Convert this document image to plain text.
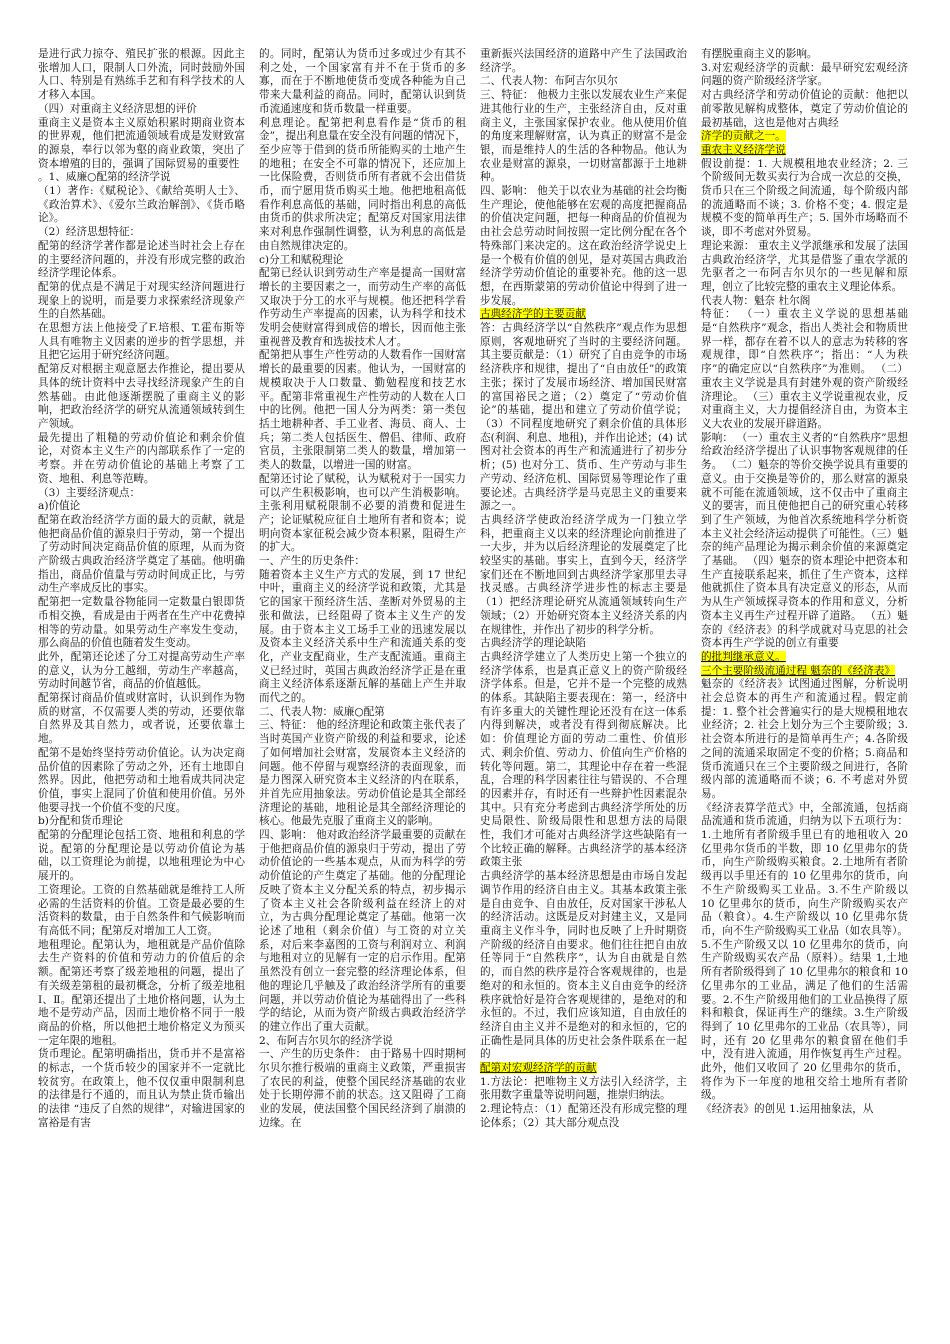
是进行武力掠夺、殖民扩张的根源。因此主张增加人口，限制人口外流，同时鼓励外国人口、特别是有熟练手艺和有科学技术的人才移入本国。

（四）对重商主义经济思想的评价

重商主义是资本主义原始积累时期商业资本的世界观，他们把流通领域看成是发财致富的源泉，奉行以邻为壑的商业政策，突出了资本增殖的目的，强调了国际贸易的重要性

。1、威廉○配第的经济学说

（1）著作:《赋税论》、《献给英明人士》、《政治算术》、《爱尔兰政治解剖》、《货币略论》。

（2）经济思想特征：

配第的经济学著作都是论述当时社会上存在的主要经济问题的，并没有形成完整的政治经济学理论体系。

配第的优点是不满足于对现实经济问题进行现象上的说明，而是要力求探索经济现象产生的自然基础。

在思想方法上他接受了F.培根、T.霍布斯等人具有唯物主义因素的逆步的哲学思想，并且把它运用于研究经济问题。

配第反对根据主观意愿去作推论，提出要从具体的统计资料中去寻找经济现象产生的自然基础。由此他逐渐摆脱了重商主义的影响，把政治经济学的研究从流通领域转到生产领域。

最先提出了粗糙的劳动价值论和剩余价值论，对资本主义生产的内部联系作了一定的考察。并在劳动价值论的基础上考察了工资、地租、利息等范畴。

（3）主要经济观点：

a)价值论

配第在政治经济学方面的最大的贡献，就是他把商品价值的源泉归于劳动，第一个提出了劳动时间决定商品价值的原理，从而为资产阶级古典政治经济学奠定了基础。他明确指出，商品价值量与劳动时间成正比，与劳动生产率成反比的事实。

配第把一定数量谷物能同一定数量白银即货币相交换，看成是由于两者在生产中花费掉相等的劳动量。如果劳动生产率发生变动，那么商品的价值也随着发生变动。

此外，配第还论述了分工对提高劳动生产率的意义，认为分工越细，劳动生产率越高，劳动时间越节省，商品的价值越低。

配第探讨商品价值或财富时，认识到作为物质的财富，不仅需要人类的劳动，还要依靠自然界及其自然力，或者说，还要依靠土地。

配第不是始终坚持劳动价值论。认为决定商品价值的因素除了劳动之外，还有土地即自然界。因此，他把劳动和土地看成共同决定价值，事实上混同了价值和使用价值。另外他要寻找一个价值不变的尺度。

b)分配和货币理论

配第的分配理论包括工资、地租和利息的学说。配第的分配理论是以劳动价值论为基础，以工资理论为前提，以地租理论为中心展开的。

工资理论。工资的自然基础就是维持工人所必需的生活资料的价值。工资是最必要的生活资料的数量，由于自然条件和气候影响而有高低不同；配第反对增加工人工资。

地租理论。配第认为，地租就是产品价值除去生产资料的价值和劳动力的价值后的余额。配第还考察了级差地租的问题，提出了有关级差第租的最初概念，分析了级差地租Ⅰ、Ⅱ。配第还提出了土地价格问题，认为土地不是劳动产品，因而土地价格不同于一般商品的价格，所以他把土地价格定义为预买一定年限的地租。

货币理论。配第明确指出，货币并不是富裕的标志，一个货币较少的国家并不一定就比较贫穷。在政策上，他不仅仅重申限制利息的法律是行不通的，而且认为禁止货币输出的法律 “违反了自然的规律”，对输进国家的富裕是有害

的。同时，配第认为货币过多或过少有其不利之处，一个国家富有并不在于货币的多寡，而在于不断地使货币变成各种能为自己带来大量利益的商品。同时，配第认识到货币流通速度和货币数量一样重要。

利息理论。配第把利息看作是“货币的租金”，提出利息量在安全没有问题的情况下，至少应等于借到的货币所能购买的土地产生的地租；在安全不可靠的情况下，还应加上一比保险费，否则货币所有者就不会出借货币，而宁愿用货币购买土地。他把地租高低看作利息高低的基础，同时指出利息的高低由货币的供求所决定；配第反对国家用法律来对利息作强制性调整，认为利息的高低是由自然规律决定的。

c)分工和赋税理论

配第已经认识到劳动生产率是提高一国财富增长的主要因素之一，而劳动生产率的高低又取决于分工的水平与规模。他还把科学看作劳动生产率提高的因素，认为科学和技术发明会使财富得到成倍的增长，因而他主张重视普及教育和选拔技术人才。

配第把从事生产性劳动的人数看作一国财富增长的最重要的因素。他认为，一国财富的规模取决于人口数量、勤勉程度和技艺水平。配第非常重视生产性劳动的人数在人口中的比例。他把一国人分为两类：第一类包括土地耕种者、手工业者、海员、商人、士兵；第二类人包括医生、僧侣、律师、政府官员，主张限制第二类人的数量，增加第一类人的数量，以增进一国的财富。

配第还讨论了赋税，认为赋税对于一国实力可以产生积极影响，也可以产生消极影响。主张利用赋税限制不必要的消费和促进生产；论证赋税应征自土地所有者和资本；说明向资本家征税会减少资本积累，阻碍生产的扩大。

一、产生的历史条件：

随着资本主义生产方式的发展，到 17 世纪中叶，重商主义的经济学说和政策，尤其是它的国家干预经济生活、垄断对外贸易的主张和做法，已经阻碍了资本主义生产的发展。由于资本主义工场手工业的迅速发展以及资本主义经济关系中生产和流通关系的变化，产业支配商业，生产支配流通。重商主义已经过时，英国古典政治经济学正是在重商主义经济体系逐渐瓦解的基础上产生并取而代之的。

二、代表人物：威廉○配第

三、特征： 他的经济理论和政策主张代表了当时英国产业资产阶级的利益和要求，论述了如何增加社会财富，发展资本主义经济的问题。他不停留与观察经济的表面现象，而是力图深入研究资本主义经济的内在联系，并首先应用抽象法。劳动价值论是其全部经济理论的基础，地租论是其全部经济理论的核心。他最先克服了重商主义的影响。

四、影响： 他对政治经济学最重要的贡献在于他把商品价值的源泉归于劳动，提出了劳动价值论的一些基本观点，从而为科学的劳动价值论的产生奠定了基础。他的分配理论反映了资本主义分配关系的特点，初步揭示了资本主义社会各阶级利益在经济上的对立，为古典分配理论奠定了基础。他第一次论述了地租（剩余价值）与工资的对立关系，对后来李嘉图的工资与利润对立、利润与地租对立的见解有一定的启示作用。配第虽然没有创立一套完整的经济理论体系，但他的理论几乎触及了政治经济学所有的重要问题，并以劳动价值论为基础得出了一些科学的结论，从而为资产阶级古典政治经济学的建立作出了重大贡献。

2、布阿吉尔贝尔的经济学说

一、产生的历史条件： 由于路易十四时期柯尔贝尔推行极端的重商主义政策，严重损害了农民的利益，使整个国民经济基础的农业处于长期停滞不前的状态。这又阻碍了工商业的发展，使法国整个国民经济到了崩溃的边缘。在

重新振兴法国经济的道路中产生了法国政治经济学。

二、代表人物：布阿吉尔贝尔

三、特征： 他极力主张以发展农业生产来促进其他行业的生产，主张经济自由，反对重商主义，主张国家保护农业。他从使用价值的角度来理解财富，认为真正的财富不是金银，而是维持人的生活的各种物品。他认为农业是财富的源泉，一切财富都源于土地耕种。

四、影响： 他关于以农业为基础的社会均衡生产理论，使他能够在宏观的高度把握商品的价值决定问题，把每一种商品的价值视为由社会总劳动时间按照一定比例分配在各个特殊部门来决定的。这在政治经济学说史上是一个极有价值的创见，是对英国古典政治经济学劳动价值论的重要补充。他的这一思想，在西斯蒙第的劳动价值论中得到了进一步发展。

古典经济学的主要贡献

答：古典经济学以“自然秩序”观点作为思想原则，客观地研究了当时的主要经济问题。其主要贡献是：（1）研究了自由竞争的市场经济秩序和规律，提出了“自由放任”的政策主张；探讨了发展市场经济、增加国民财富的富国裕民之道；（2）奠定了“劳动价值论”的基础，提出和建立了劳动价值学说；（3）不同程度地研究了剩余价值的具体形态(利润、利息、地租)，并作出论述；(4) 试图对社会资本的再生产和流通进行了初步分析；(5) 也对分工、货币、生产劳动与非生产劳动、经济危机、国际贸易等理论作了重要论述。古典经济学是马克思主义的重要来源之一。

古典经济学使政治经济学成为一门独立学科，把重商主义以来的经济理论向前推进了一大步，并为以后经济理论的发展奠定了比较坚实的基础。事实上，直到今天，经济学家们还在不断地回到古典经济学家那里去寻找灵感。古典经济学进步性的标志主要是（1）把经济理论研究从流通领域转向生产领域；（2）开始研究资本主义经济关系的内在规律性，并作出了初步的科学分析。

古典经济学的理论缺陷

古典经济学建立了人类历史上第一个独立的经济学体系，也是真正意义上的资产阶级经济学体系。但是，它并不是一个完整的成熟的体系。其缺陷主要表现在：第一，经济中有许多重大的关键性理论还没有在这一体系内得到解决，或者没有得到彻底解决。比如：价值理论方面的劳动二重性、价值形式、剩余价值、劳动力、价值向生产价格的转化等问题。第二，其理论中存在着一些混乱，合理的科学因素往往与错误的、不合理的因素并存，有时还有一些辩护性因素混杂其中。只有充分考虑到古典经济学所处的历史局限性、阶级局限性和思想方法的局限性，我们才可能对古典经济学这些缺陷有一个比较正确的解释。古典经济学的基本经济政策主张

古典经济学的基本经济思想是由市场自发起调节作用的经济自由主义。其基本政策主张是自由竞争、自由放任，反对国家干涉私人的经济活动。这既是反对封建主义，又是同重商主义作斗争，同时也反映了上升时期资产阶级的经济自由要求。他们往往把自由放任等同于“自然秩序”，认为自由就是自然的，而自然的秩序是符合客观规律的，也是绝对的和永恒的。资本主义自由竞争的经济秩序就恰好是符合客观规律的，是绝对的和永恒的。不过，我们应该知道，自由放任的经济自由主义并不是绝对的和永恒的，它的正确性是同具体的历史社会条件联系在一起的

配第对宏观经济学的贡献

1.方法论：把唯物主义方法引入经济学，主张用数字重量等说明问题，推崇归纳法。

2.理论特点：（1）配第还没有形成完整的理论体系；（2）其大部分观点没

有摆脱重商主义的影响。

3.对宏观经济学的贡献：最早研究宏观经济问题的资产阶级经济学家。

对古典经济学和劳动价值论的贡献：他把以前零散见解构成整体，奠定了劳动价值论的最初基础，这也是他对古典经

济学的贡献之一。

重农主义经济学说

假设前提：1. 大规模租地农业经济；2. 三个阶级间无数买卖行为合成一次总的交换，货币只在三个阶级之间流通，每个阶级内部的流通略而不谈；3. 价格不变；4. 假定是规模不变的简单再生产；5. 国外市场略而不谈，即不考虑对外贸易。

理论来源： 重农主义学派继承和发展了法国古典政治经济学，尤其是借鉴了重农学派的先驱者之一布阿吉尔贝尔的一些见解和原理，创立了比较完整的重农主义理论体系。

代表人物：魁奈 杜尔阁

特征： （一）重农主义学说的思想基础是“自然秩序”观念，指出人类社会和物质世界一样，都存在着不以人的意志为转移的客观规律，即“自然秩序”；指出：“人为秩序”的确定应以“自然秩序”为准则。 （二）重农主义学说是具有封建外观的资产阶级经济理论。 （三）重农主义学说重视农业，反对重商主义，大力提倡经济自由，为资本主义大农业的发展开辟道路。

影响： （一）重农主义者的“自然秩序”思想给政治经济学提出了认识事物客观规律的任务。 （二）魁奈的等价交换学说具有重要的意义。由于交换是等价的，那么财富的源泉就不可能在流通领域，这不仅击中了重商主义的要害，而且使他把自己的研究重心转移到了生产领域，为他首次系统地科学分析资本主义社会经济运动提供了可能性。（三）魁奈的纯产品理论为揭示剩余价值的来源奠定了基础。 （四）魁奈的资本理论中把资本和生产直接联系起来，抓住了生产资本，这样他就抓住了资本具有决定意义的形态，从而为从生产领域探寻资本的作用和意义，分析资本主义再生产过程开辟了道路。 （五）魁奈的《经济表》的科学成就对马克思的社会资本再生产学说的创立有重要

的批判继承意义。

三个主要阶级流通过程 魁奈的《经济表》

魁奈的《经济表》试图通过图解，分析说明社会总资本的再生产和流通过程。假定前提：1. 整个社会普遍实行的是大规模租地农业经济；2. 社会上划分为三个主要阶级；3.社会资本所进行的是简单再生产；4.各阶级之间的流通采取固定不变的价格；5.商品和货币流通只在三个主要阶级之间进行，各阶级内部的流通略而不谈；6. 不考虑对外贸易。

《经济表算学范式》中，全部流通，包括商品流通和货币流通，归纳为以下五项行为：1.土地所有者阶级手里已有的地租收入 20 亿里弗尔货币的半数，即 10 亿里弗尔的货币，向生产阶级购买粮食。2.土地所有者阶级再以手里还有的 10 亿里弗尔的货币，向不生产阶级购买工业品。3.不生产阶级以 10 亿里弗尔的货币，向生产阶级购买农产品（粮食）。4.生产阶级以 10 亿里弗尔货币，向不生产阶级购买工业品（如农具等）。5.不生产阶级又以 10 亿里弗尔的货币，向生产阶级购买农产品（原料）。结果 1,土地所有者阶级得到了 10 亿里弗尔的粮食和 10 亿里弗尔的工业品，满足了他们的生活需要。2.不生产阶级用他们的工业品换得了原料和粮食，保证再生产的继续。3.生产阶级得到了 10 亿里弗尔的工业品（农具等），同时，还有 20 亿里弗尔的粮食留在他们手中，没有进入流通，用作恢复再生产过程。此外，他们又收回了 20 亿里弗尔的货币，将作为下一年度的地租交给土地所有者阶级。

《经济表》的创见 1.运用抽象法，从
